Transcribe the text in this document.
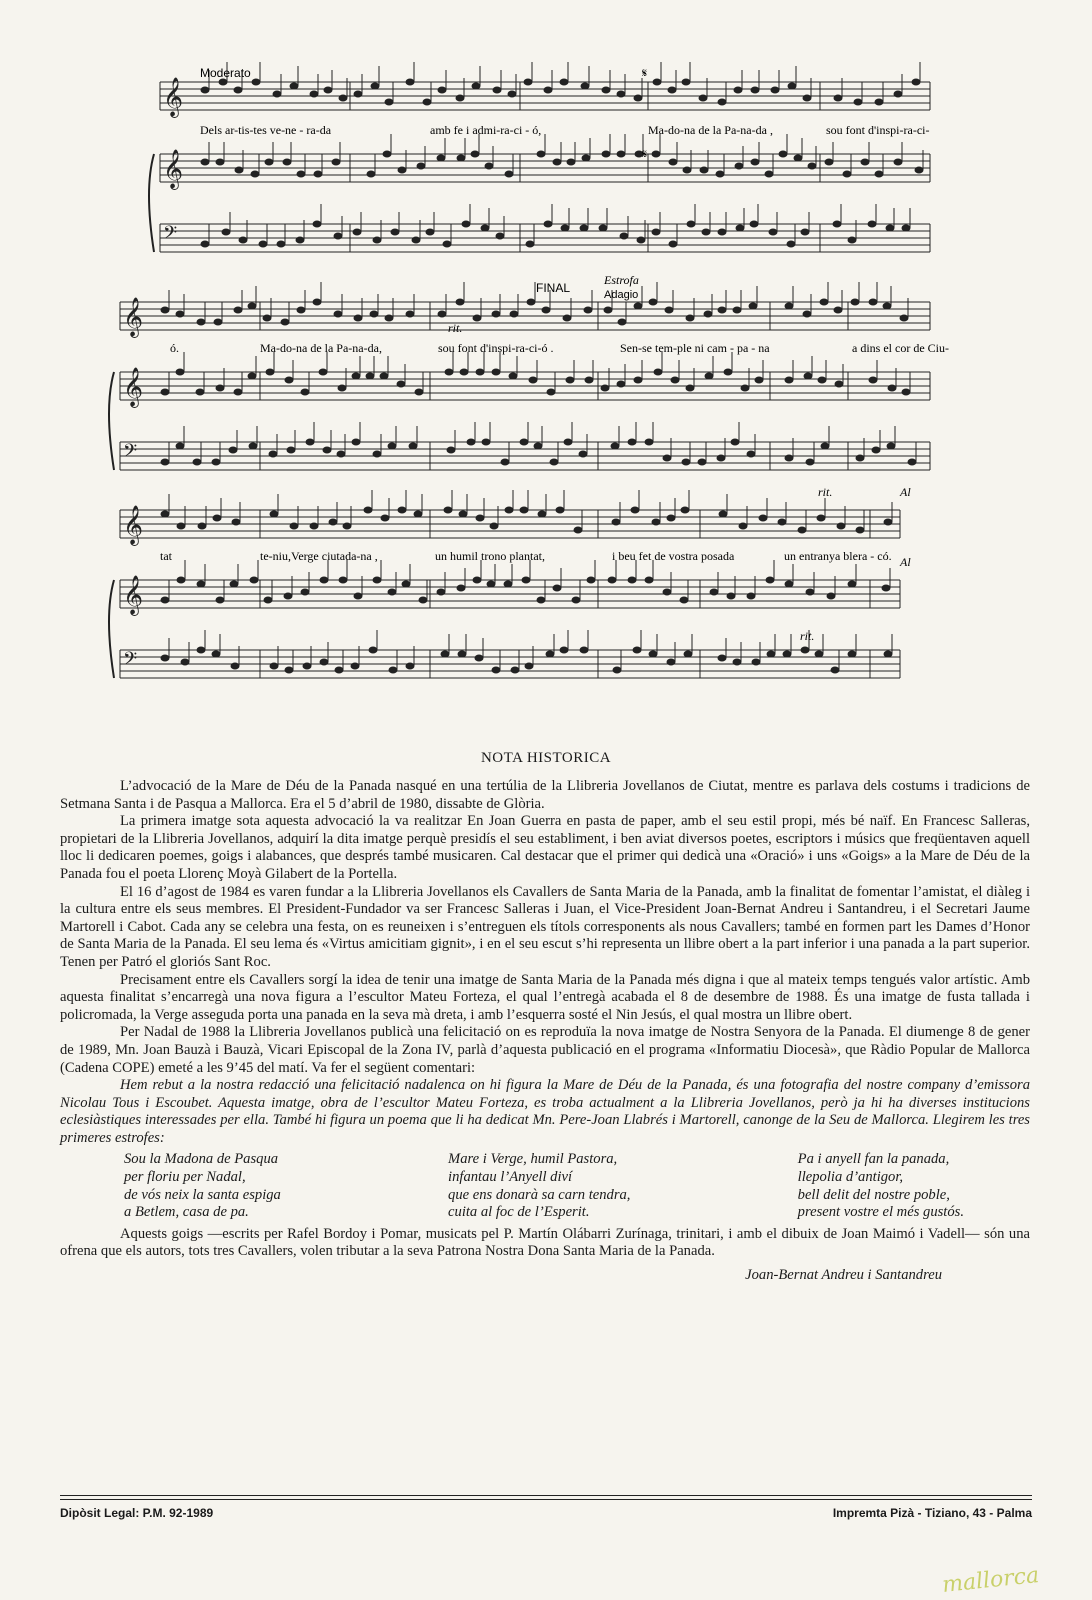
𝄞
𝄞
𝄢
𝄞
𝄞
𝄢
𝄞
𝄞
𝄢
Moderato	𝄋
𝄋
Dels ar-tis-tes ve-ne - ra-da	amb fe i admi-ra-ci - ó,	Ma-do-na de la Pa-na-da ,	sou font d'inspi-ra-ci-
FINAL
Estrofa
Adagio
rit.
ó.	Ma-do-na de la Pa-na-da,	sou font d'inspi-ra-ci-ó .	Sen-se tem-ple ni cam - pa - na	a dins el cor de Ciu-
rit.	Al
tat	te-niu,Verge ciutada-na ,	un humil trono plantat,	i beu fet de vostra posada	un entranya blera - có. Al
rit.
NOTA HISTORICA

L’advocació de la Mare de Déu de la Panada nasqué en una tertúlia de la Llibreria Jovellanos de Ciutat, mentre es parlava dels costums i tradicions de Setmana Santa i de Pasqua a Mallorca. Era el 5 d’abril de 1980, dissabte de Glòria.

La primera imatge sota aquesta advocació la va realitzar En Joan Guerra en pasta de paper, amb el seu estil propi, més bé naïf. En Francesc Salleras, propietari de la Llibreria Jovellanos, adquirí la dita imatge perquè presidís el seu establiment, i ben aviat diversos poetes, escriptors i músics que freqüentaven aquell lloc li dedicaren poemes, goigs i alabances, que després també musicaren. Cal destacar que el primer qui dedicà una «Oració» i uns «Goigs» a la Mare de Déu de la Panada fou el poeta Llorenç Moyà Gilabert de la Portella.

El 16 d’agost de 1984 es varen fundar a la Llibreria Jovellanos els Cavallers de Santa Maria de la Panada, amb la finalitat de fomentar l’amistat, el diàleg i la cultura entre els seus membres. El President-Fundador va ser Francesc Salleras i Juan, el Vice-President Joan-Bernat Andreu i Santandreu, i el Secretari Jaume Martorell i Cabot. Cada any se celebra una festa, on es reuneixen i s’entreguen els títols corresponents als nous Cavallers; també en formen part les Dames d’Honor de Santa Maria de la Panada. El seu lema és «Virtus amicitiam gignit», i en el seu escut s’hi representa un llibre obert a la part inferior i una panada a la part superior. Tenen per Patró el gloriós Sant Roc.

Precisament entre els Cavallers sorgí la idea de tenir una imatge de Santa Maria de la Panada més digna i que al mateix temps tengués valor artístic. Amb aquesta finalitat s’encarregà una nova figura a l’escultor Mateu Forteza, el qual l’entregà acabada el 8 de desembre de 1988. És una imatge de fusta tallada i policromada, la Verge asseguda porta una panada en la seva mà dreta, i amb l’esquerra sosté el Nin Jesús, el qual mostra un llibre obert.

Per Nadal de 1988 la Llibreria Jovellanos publicà una felicitació on es reproduïa la nova imatge de Nostra Senyora de la Panada. El diumenge 8 de gener de 1989, Mn. Joan Bauzà i Bauzà, Vicari Episcopal de la Zona IV, parlà d’aquesta publicació en el programa «Informatiu Diocesà», que Ràdio Popular de Mallorca (Cadena COPE) emeté a les 9’45 del matí. Va fer el següent comentari:

Hem rebut a la nostra redacció una felicitació nadalenca on hi figura la Mare de Déu de la Panada, és una fotografia del nostre company d’emissora Nicolau Tous i Escoubet. Aquesta imatge, obra de l’escultor Mateu Forteza, es troba actualment a la Llibreria Jovellanos, però ja hi ha diverses institucions eclesiàstiques interessades per ella. També hi figura un poema que li ha dedicat Mn. Pere-Joan Llabrés i Martorell, canonge de la Seu de Mallorca. Llegirem les tres primeres estrofes:

Sou la Madona de Pasqua
per floriu per Nadal,
de vós neix la santa espiga
a Betlem, casa de pa.
Mare i Verge, humil Pastora,
infantau l’Anyell diví
que ens donarà sa carn tendra,
cuita al foc de l’Esperit.
Pa i anyell fan la panada,
llepolia d’antigor,
bell delit del nostre poble,
present vostre el més gustós.

Aquests goigs —escrits per Rafel Bordoy i Pomar, musicats pel P. Martín Olábarri Zurínaga, trinitari, i amb el dibuix de Joan Maimó i Vadell— són una ofrena que els autors, tots tres Cavallers, volen tributar a la seva Patrona Nostra Dona Santa Maria de la Panada.

Joan-Bernat Andreu i Santandreu
Dipòsit Legal: P.M. 92-1989	Impremta Pizà - Tiziano, 43 - Palma
mallorca
